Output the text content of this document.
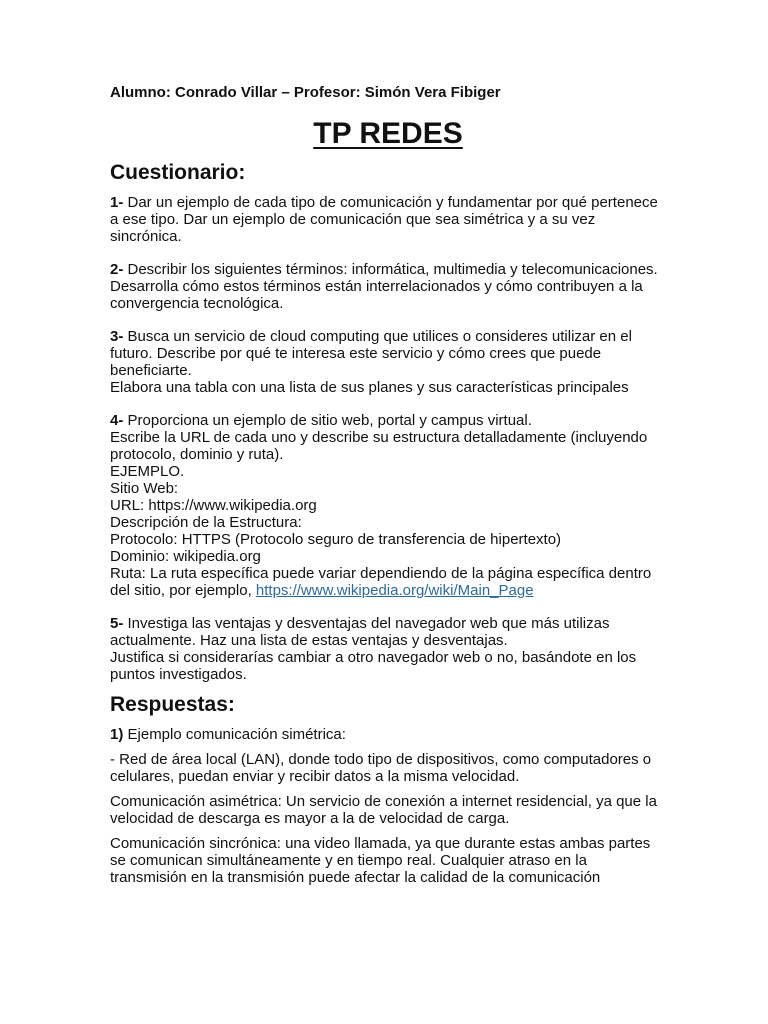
Alumno: Conrado Villar – Profesor: Simón Vera Fibiger

TP REDES
Cuestionario:

1- Dar un ejemplo de cada tipo de comunicación y fundamentar por qué pertenece a ese tipo. Dar un ejemplo de comunicación que sea simétrica y a su vez sincrónica.

2- Describir los siguientes términos: informática, multimedia y telecomunicaciones. Desarrolla cómo estos términos están interrelacionados y cómo contribuyen a la convergencia tecnológica.

3- Busca un servicio de cloud computing que utilices o consideres utilizar en el futuro. Describe por qué te interesa este servicio y cómo crees que puede beneficiarte.

Elabora una tabla con una lista de sus planes y sus características principales

4- Proporciona un ejemplo de sitio web, portal y campus virtual.

Escribe la URL de cada uno y describe su estructura detalladamente (incluyendo protocolo, dominio y ruta).

EJEMPLO.

Sitio Web:

URL: https://www.wikipedia.org

Descripción de la Estructura:

Protocolo: HTTPS (Protocolo seguro de transferencia de hipertexto)

Dominio: wikipedia.org

Ruta: La ruta específica puede variar dependiendo de la página específica dentro del sitio, por ejemplo, https://www.wikipedia.org/wiki/Main_Page

5- Investiga las ventajas y desventajas del navegador web que más utilizas actualmente. Haz una lista de estas ventajas y desventajas.

Justifica si considerarías cambiar a otro navegador web o no, basándote en los puntos investigados.

Respuestas:

1) Ejemplo comunicación simétrica:

- Red de área local (LAN), donde todo tipo de dispositivos, como computadores o celulares, puedan enviar y recibir datos a la misma velocidad.

Comunicación asimétrica: Un servicio de conexión a internet residencial, ya que la velocidad de descarga es mayor a la de velocidad de carga.

Comunicación sincrónica: una video llamada, ya que durante estas ambas partes se comunican simultáneamente y en tiempo real. Cualquier atraso en la transmisión en la transmisión puede afectar la calidad de la comunicación
